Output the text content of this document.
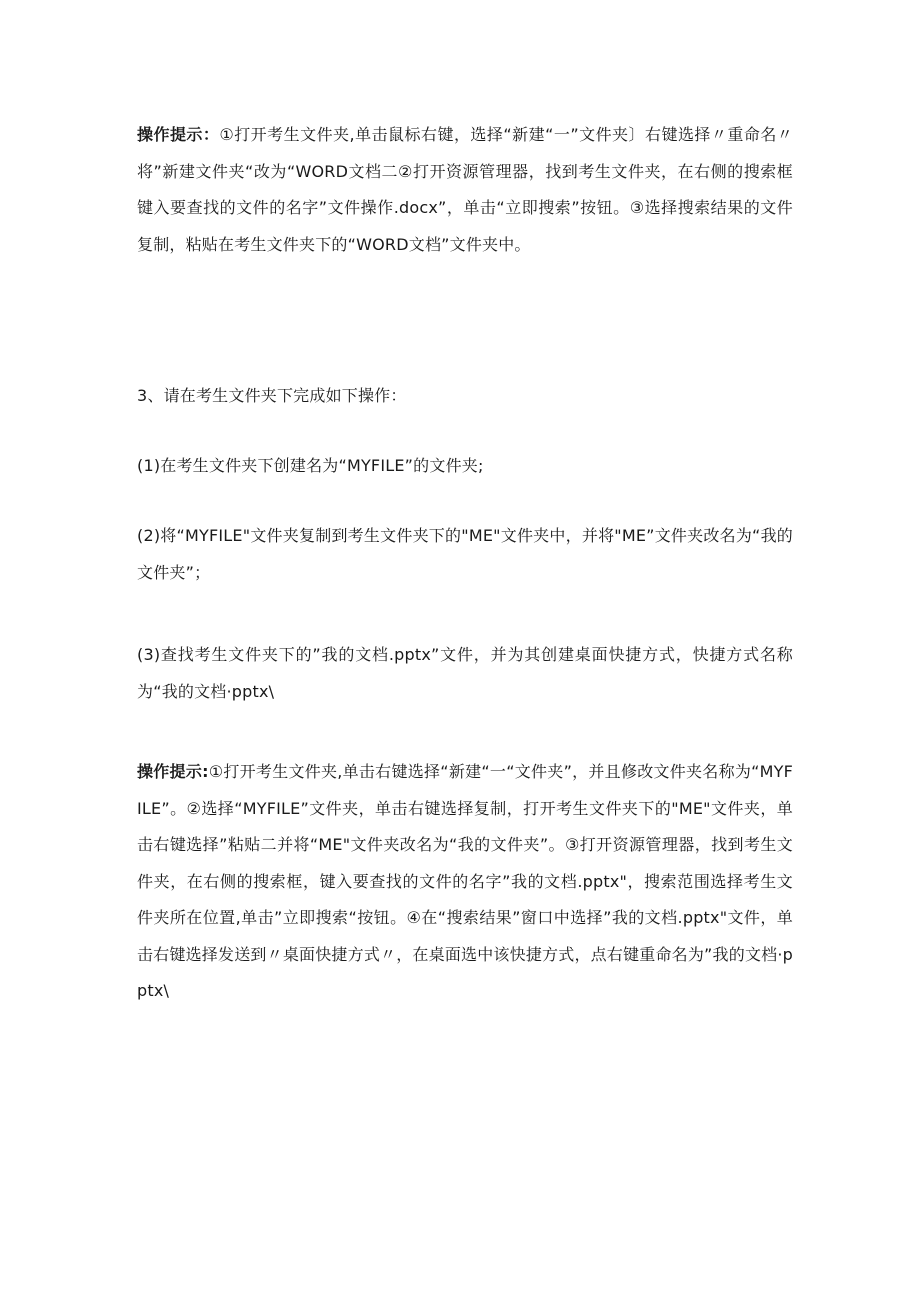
操作提示：①打开考生文件夹,单击鼠标右键，选择“新建“一”文件夹〕右键选择〃重命名〃将”新建文件夹“改为“WORD文档二②打开资源管理器，找到考生文件夹，在右侧的搜索框键入要查找的文件的名字”文件操作.docx”，单击“立即搜索”按钮。③选择搜索结果的文件复制，粘贴在考生文件夹下的“WORD文档”文件夹中。

3、请在考生文件夹下完成如下操作：

(1)在考生文件夹下创建名为“MYFILE”的文件夹;

(2)将“MYFILE"文件夹复制到考生文件夹下的"ME"文件夹中，并将"ME”文件夹改名为“我的文件夹”；

(3)查找考生文件夹下的”我的文档.pptx”文件，并为其创建桌面快捷方式，快捷方式名称为“我的文档·pptx\

操作提示:①打开考生文件夹,单击右键选择“新建“一“文件夹”，并且修改文件夹名称为“MYFILE”。②选择“MYFILE”文件夹，单击右键选择复制，打开考生文件夹下的"ME"文件夹，单击右键选择”粘贴二并将“ME"文件夹改名为“我的文件夹”。③打开资源管理器，找到考生文件夹，在右侧的搜索框，键入要查找的文件的名字”我的文档.pptx"，搜索范围选择考生文件夹所在位置,单击”立即搜索“按钮。④在“搜索结果”窗口中选择”我的文档.pptx"文件，单击右键选择发送到〃桌面快捷方式〃，在桌面选中该快捷方式，点右键重命名为”我的文档·pptx\
